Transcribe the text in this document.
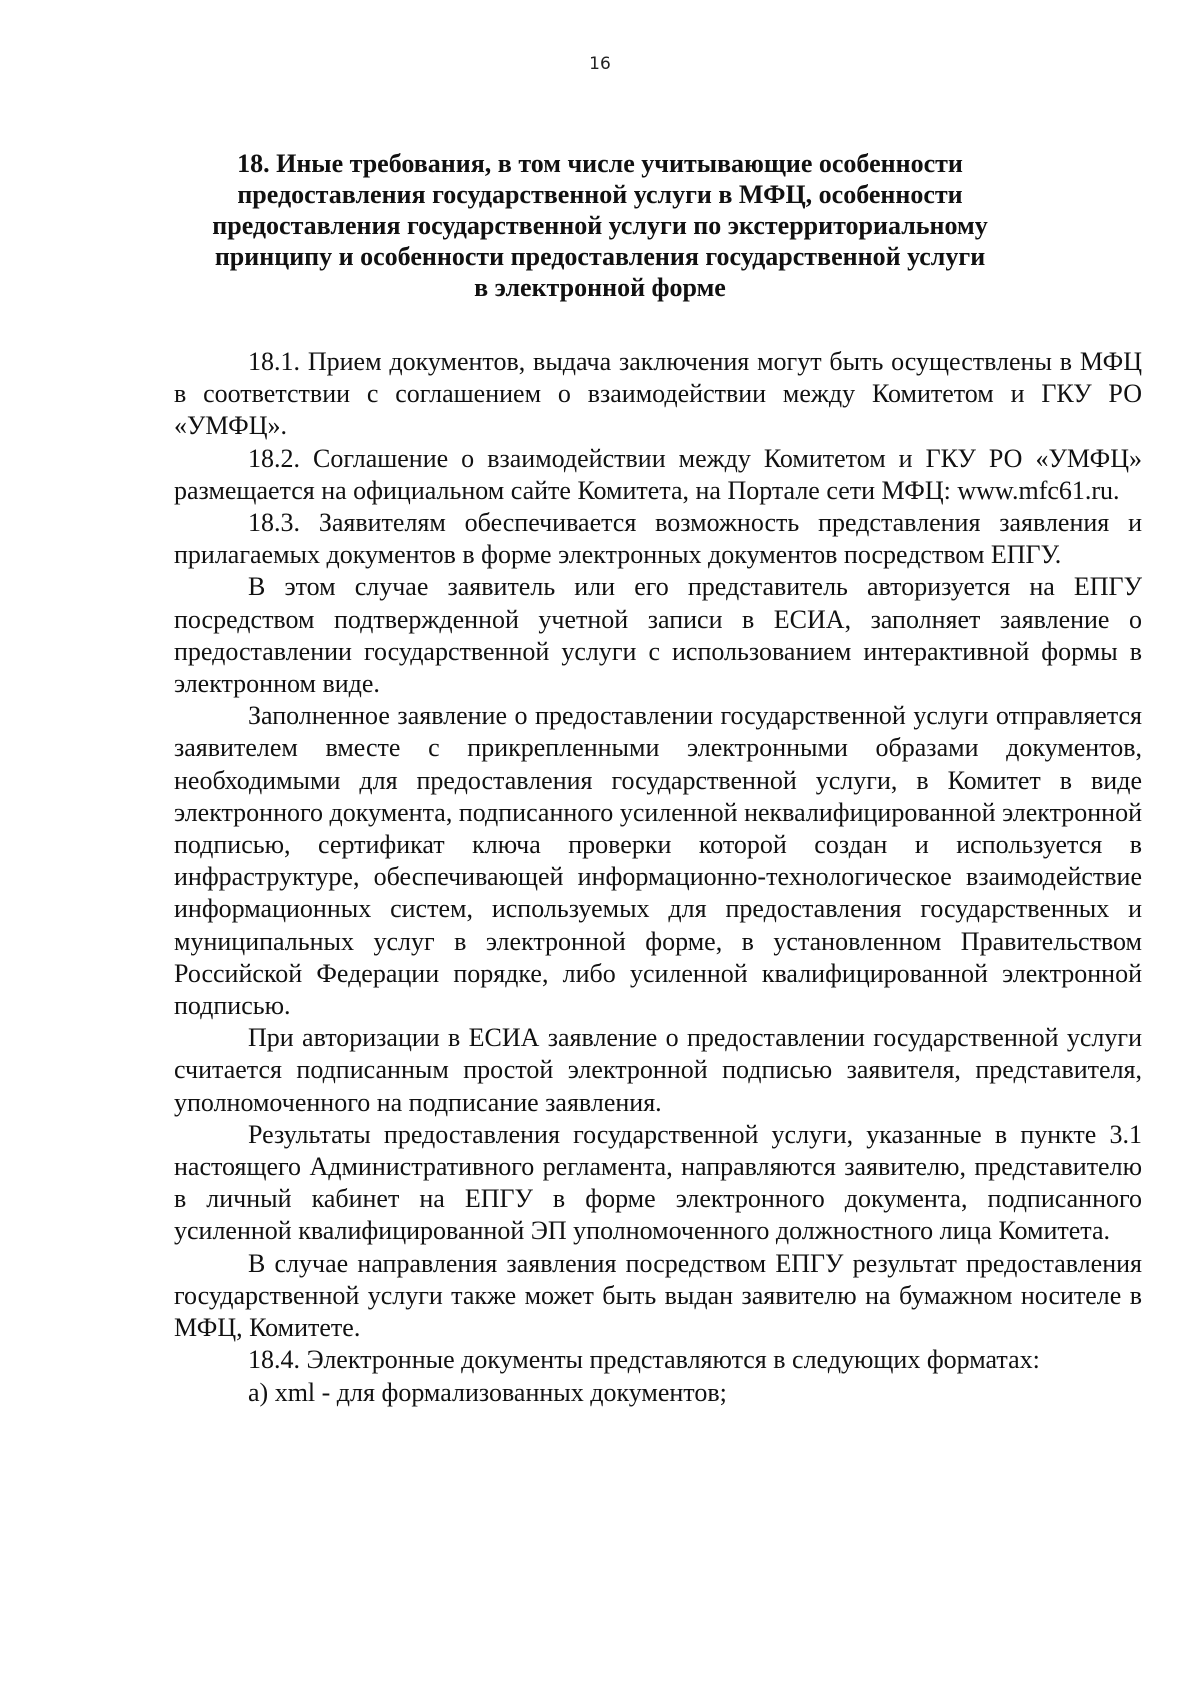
16
18. Иные требования, в том числе учитывающие особенности
предоставления государственной услуги в МФЦ, особенности
предоставления государственной услуги по экстерриториальному
принципу и особенности предоставления государственной услуги
в электронной форме

18.1. Прием документов, выдача заключения могут быть осуществлены в МФЦ в соответствии с соглашением о взаимодействии между Комитетом и ГКУ РО «УМФЦ».

18.2. Соглашение о взаимодействии между Комитетом и ГКУ РО «УМФЦ» размещается на официальном сайте Комитета, на Портале сети МФЦ: www.mfc61.ru.

18.3. Заявителям обеспечивается возможность представления заявления и прилагаемых документов в форме электронных документов посредством ЕПГУ.

В этом случае заявитель или его представитель авторизуется на ЕПГУ посредством подтвержденной учетной записи в ЕСИА, заполняет заявление о предоставлении государственной услуги с использованием интерактивной формы в электронном виде.

Заполненное заявление о предоставлении государственной услуги отправляется заявителем вместе с прикрепленными электронными образами документов, необходимыми для предоставления государственной услуги, в Комитет в виде электронного документа, подписанного усиленной неквалифицированной электронной подписью, сертификат ключа проверки которой создан и используется в инфраструктуре, обеспечивающей информационно-технологическое взаимодействие информационных систем, используемых для предоставления государственных и муниципальных услуг в электронной форме, в установленном Правительством Российской Федерации порядке, либо усиленной квалифицированной электронной подписью.

При авторизации в ЕСИА заявление о предоставлении государственной услуги считается подписанным простой электронной подписью заявителя, представителя, уполномоченного на подписание заявления.

Результаты предоставления государственной услуги, указанные в пункте 3.1 настоящего Административного регламента, направляются заявителю, представителю в личный кабинет на ЕПГУ в форме электронного документа, подписанного усиленной квалифицированной ЭП уполномоченного должностного лица Комитета.

В случае направления заявления посредством ЕПГУ результат предоставления государственной услуги также может быть выдан заявителю на бумажном носителе в МФЦ, Комитете.

18.4. Электронные документы представляются в следующих форматах:

а) xml - для формализованных документов;
